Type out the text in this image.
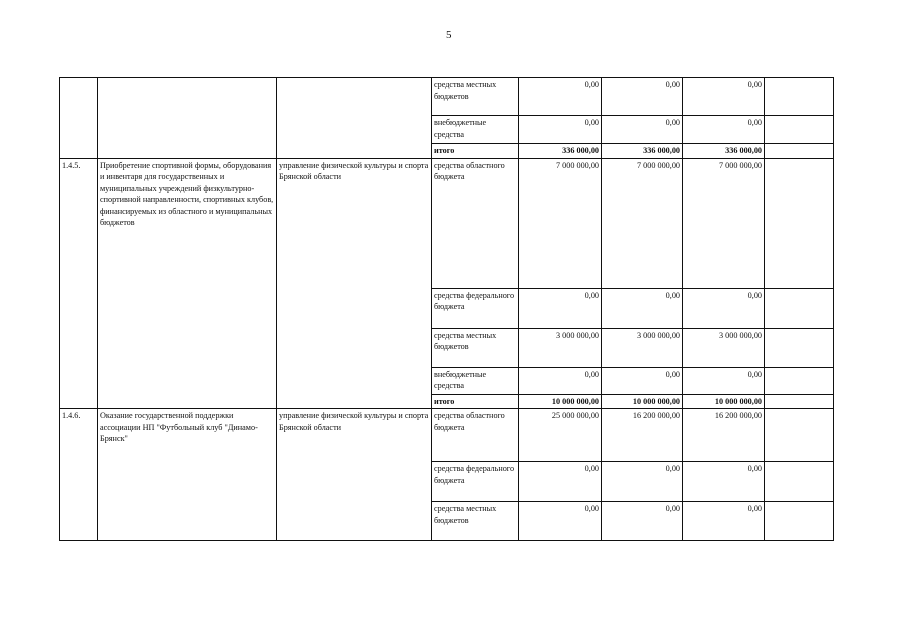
5
			средства местных бюджетов	0,00	0,00	0,00	
			внебюджетные средства	0,00	0,00	0,00	
			итого	336 000,00	336 000,00	336 000,00	
1.4.5.	Приобретение спортивной формы, оборудования и инвентаря для государственных и муниципальных учреждений физкультурно-спортивной направленности, спортивных клубов, финансируемых из областного и муниципальных бюджетов	управление физической культуры и спорта Брянской области	средства областного бюджета	7 000 000,00	7 000 000,00	7 000 000,00	
			средства федерального бюджета	0,00	0,00	0,00	
			средства местных бюджетов	3 000 000,00	3 000 000,00	3 000 000,00	
			внебюджетные средства	0,00	0,00	0,00	
			итого	10 000 000,00	10 000 000,00	10 000 000,00	
1.4.6.	Оказание государственной поддержки ассоциации НП "Футбольный клуб "Динамо-Брянск"	управление физической культуры и спорта Брянской области	средства областного бюджета	25 000 000,00	16 200 000,00	16 200 000,00	
			средства федерального бюджета	0,00	0,00	0,00	
			средства местных бюджетов	0,00	0,00	0,00	
